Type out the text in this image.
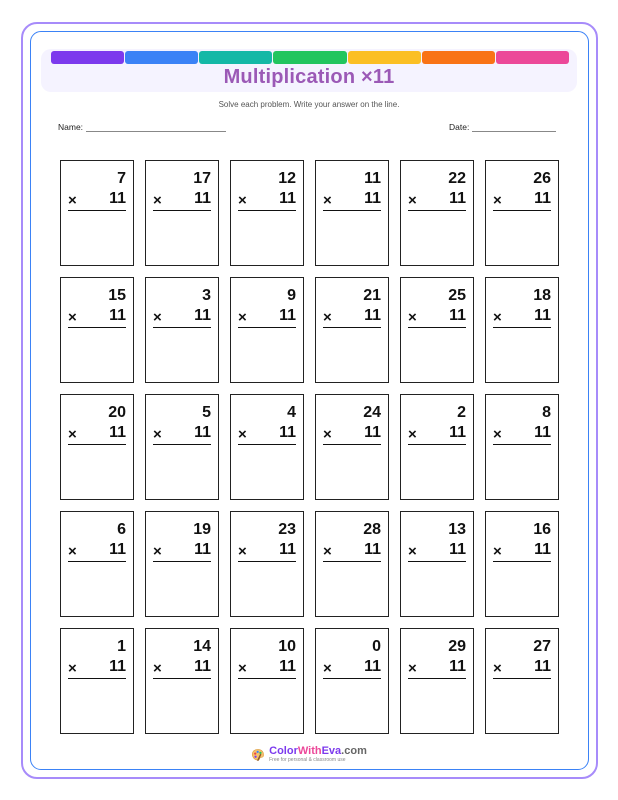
Multiplication ×11
Solve each problem. Write your answer on the line.
Name:	Date:
7
× 11
17
× 11
12
× 11
11
× 11
22
× 11
26
× 11
15
× 11
3
× 11
9
× 11
21
× 11
25
× 11
18
× 11
20
× 11
5
× 11
4
× 11
24
× 11
2
× 11
8
× 11
6
× 11
19
× 11
23
× 11
28
× 11
13
× 11
16
× 11
1
× 11
14
× 11
10
× 11
0
× 11
29
× 11
27
× 11
ColorWithEva.com
Free for personal & classroom use
